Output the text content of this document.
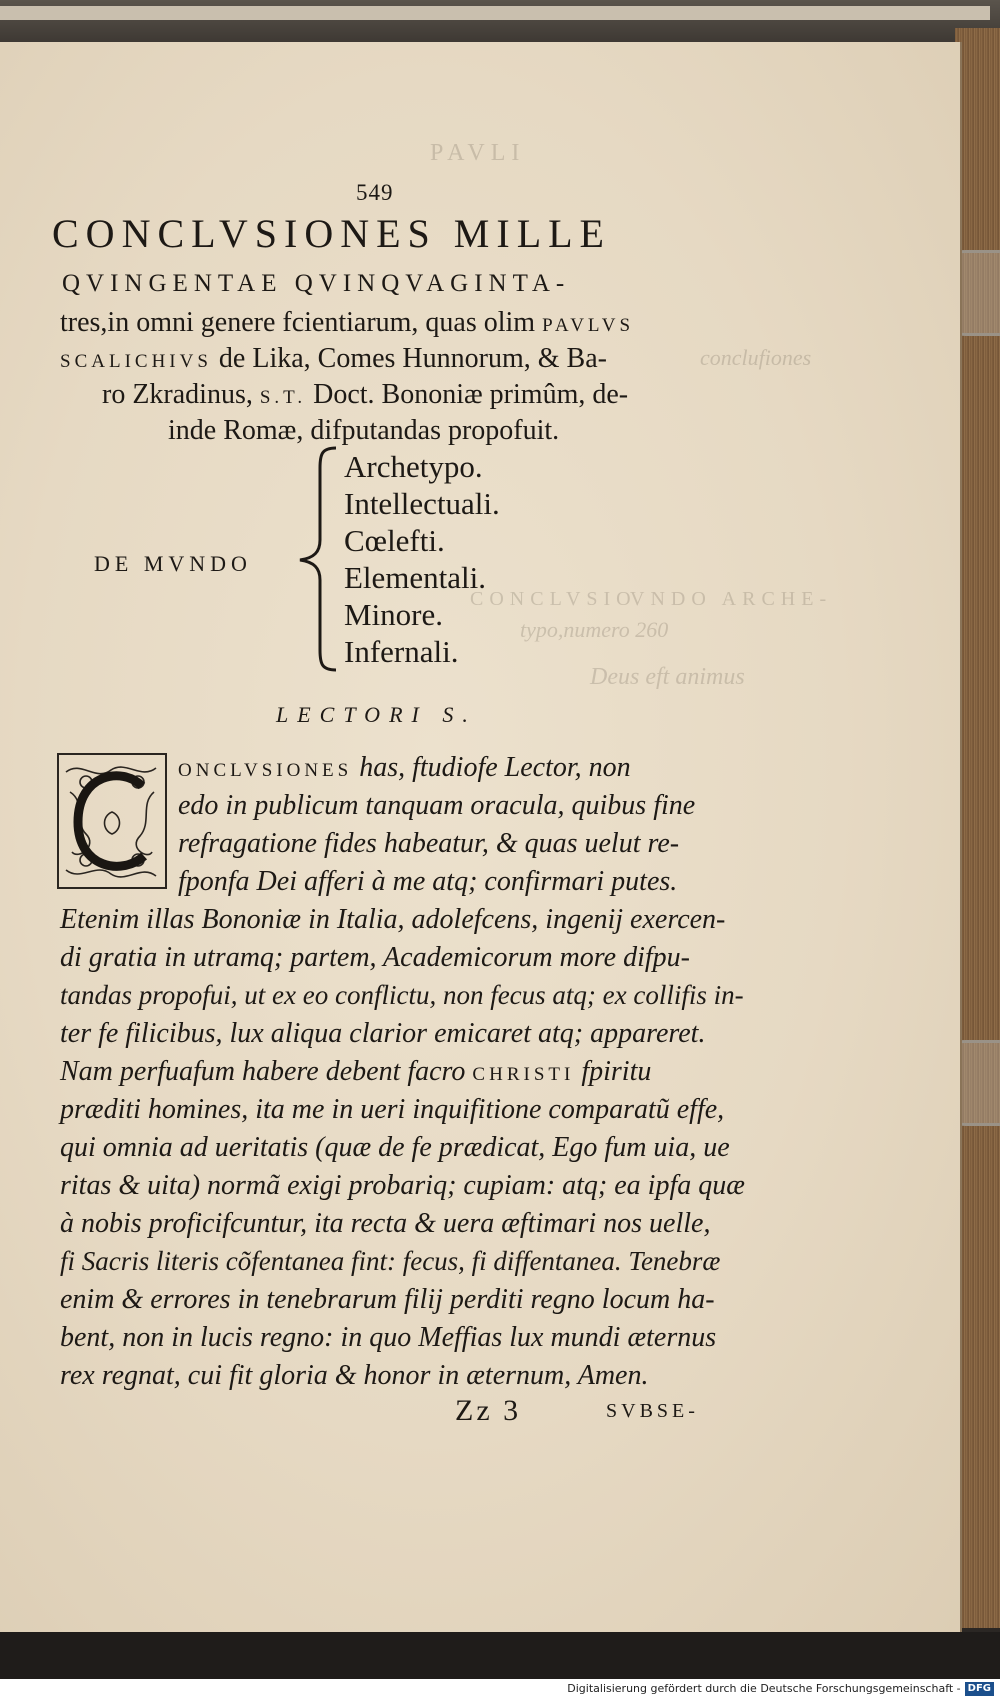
PAVLI
CONCLVSIO
VNDO ARCHE-
typo,numero 260
conclufiones
Deus eft animus
549
CONCLVSIONES MILLE
QVINGENTAE QVINQVAGINTA-
tres,in omni genere fcientiarum, quas olim PAVLVS
SCALICHIVS de Lika, Comes Hunnorum, & Ba-
ro Zkradinus, S.T. Doct. Bononiæ primûm, de-
inde Romæ, difputandas propofuit.
DE MVNDO
Archetypo.
Intellectuali.
Cœlefti.
Elementali.
Minore.
Infernali.
LECTORI S.
ONCLVSIONES has, ftudiofe Lector, non
edo in publicum tanquam oracula, quibus fine
refragatione fides habeatur, & quas uelut re-
fponfa Dei afferi à me atq; confirmari putes.
Etenim illas Bononiæ in Italia, adolefcens, ingenij exercen-
di gratia in utramq; partem, Academicorum more difpu-
tandas propofui, ut ex eo conflictu, non fecus atq; ex collifis in-
ter fe filicibus, lux aliqua clarior emicaret atq; appareret.
Nam perfuafum habere debent facro CHRISTI fpiritu
præditi homines, ita me in ueri inquifitione comparatũ effe,
qui omnia ad ueritatis (quæ de fe prædicat, Ego fum uia, ue
ritas & uita) normã exigi probariq; cupiam: atq; ea ipfa quæ
à nobis proficifcuntur, ita recta & uera æftimari nos uelle,
fi Sacris literis cõfentanea fint: fecus, fi diffentanea. Tenebræ
enim & errores in tenebrarum filij perditi regno locum ha-
bent, non in lucis regno: in quo Meffias lux mundi æternus
rex regnat, cui fit gloria & honor in æternum, Amen.
Zz 3	SVBSE-
Digitalisierung gefördert durch die Deutsche Forschungsgemeinschaft - DFG
